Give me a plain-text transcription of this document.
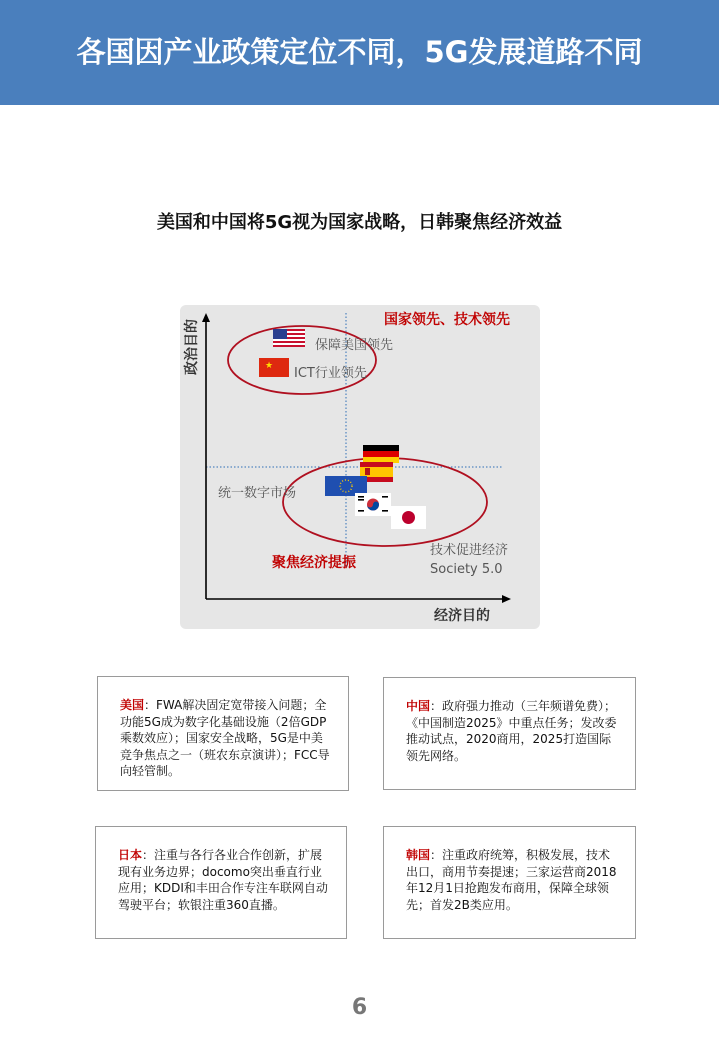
各国因产业政策定位不同，5G发展道路不同
美国和中国将5G视为国家战略，日韩聚焦经济效益
★
政治目的
经济目的
国家领先、技术领先
聚焦经济提振
保障美国领先
ICT行业领先
统一数字市场
技术促进经济
Society 5.0
美国：FWA解决固定宽带接入问题；全功能5G成为数字化基础设施（2倍GDP乘数效应）；国家安全战略，5G是中美竞争焦点之一（班农东京演讲）；FCC导向轻管制。
中国：政府强力推动（三年频谱免费）；《中国制造2025》中重点任务；发改委推动试点，2020商用，2025打造国际领先网络。
日本：注重与各行各业合作创新，扩展现有业务边界；docomo突出垂直行业应用；KDDI和丰田合作专注车联网自动驾驶平台；软银注重360直播。
韩国：注重政府统筹，积极发展，技术出口，商用节奏提速；三家运营商2018年12月1日抢跑发布商用，保障全球领先；首发2B类应用。
6
